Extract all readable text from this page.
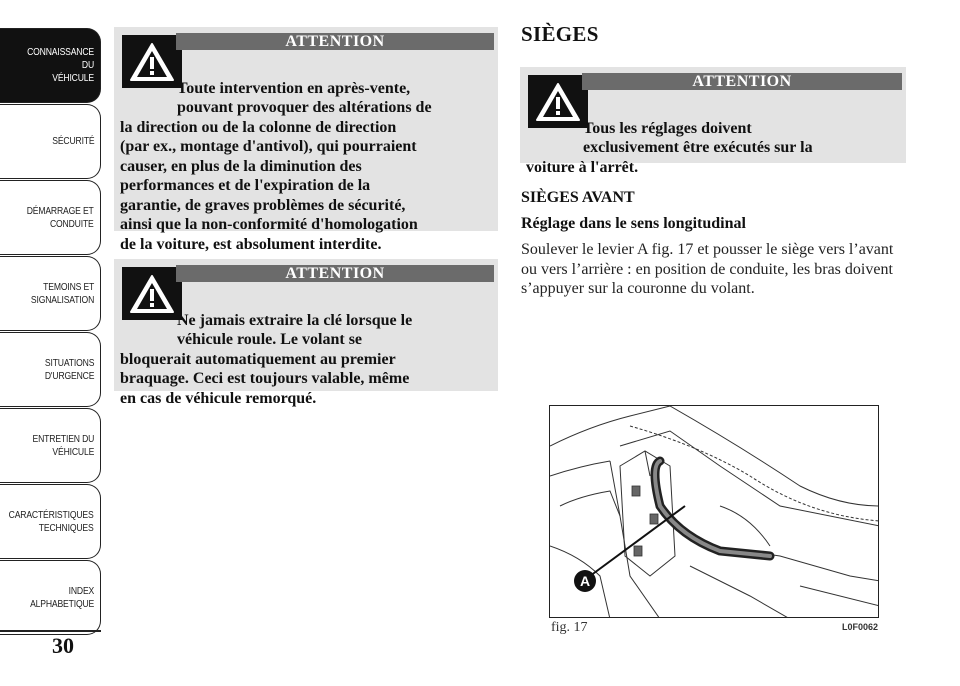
CONNAISSANCE DU
VÉHICULE
SÉCURITÉ
DÉMARRAGE ET
CONDUITE
TEMOINS ET
SIGNALISATION
SITUATIONS
D'URGENCE
ENTRETIEN DU
VÉHICULE
CARACTÉRISTIQUES
TECHNIQUES
INDEX
ALPHABETIQUE
30
ATTENTION

Toute intervention en après-vente,
pouvant provoquer des altérations de
la direction ou de la colonne de direction
(par ex., montage d'antivol), qui pourraient
causer, en plus de la diminution des
performances et de l'expiration de la
garantie, de graves problèmes de sécurité,
ainsi que la non-conformité d'homologation
de la voiture, est absolument interdite.

ATTENTION

Ne jamais extraire la clé lorsque le
véhicule roule. Le volant se
bloquerait automatiquement au premier
braquage. Ceci est toujours valable, même
en cas de véhicule remorqué.

SIÈGES
ATTENTION

Tous les réglages doivent
exclusivement être exécutés sur la
voiture à l'arrêt.

SIÈGES AVANT
Réglage dans le sens longitudinal
Soulever le levier A fig. 17 et pousser le siège vers l’avant ou vers l’arrière : en position de conduite, les bras doivent s’appuyer sur la couronne du volant.
A
fig. 17	L0F0062
